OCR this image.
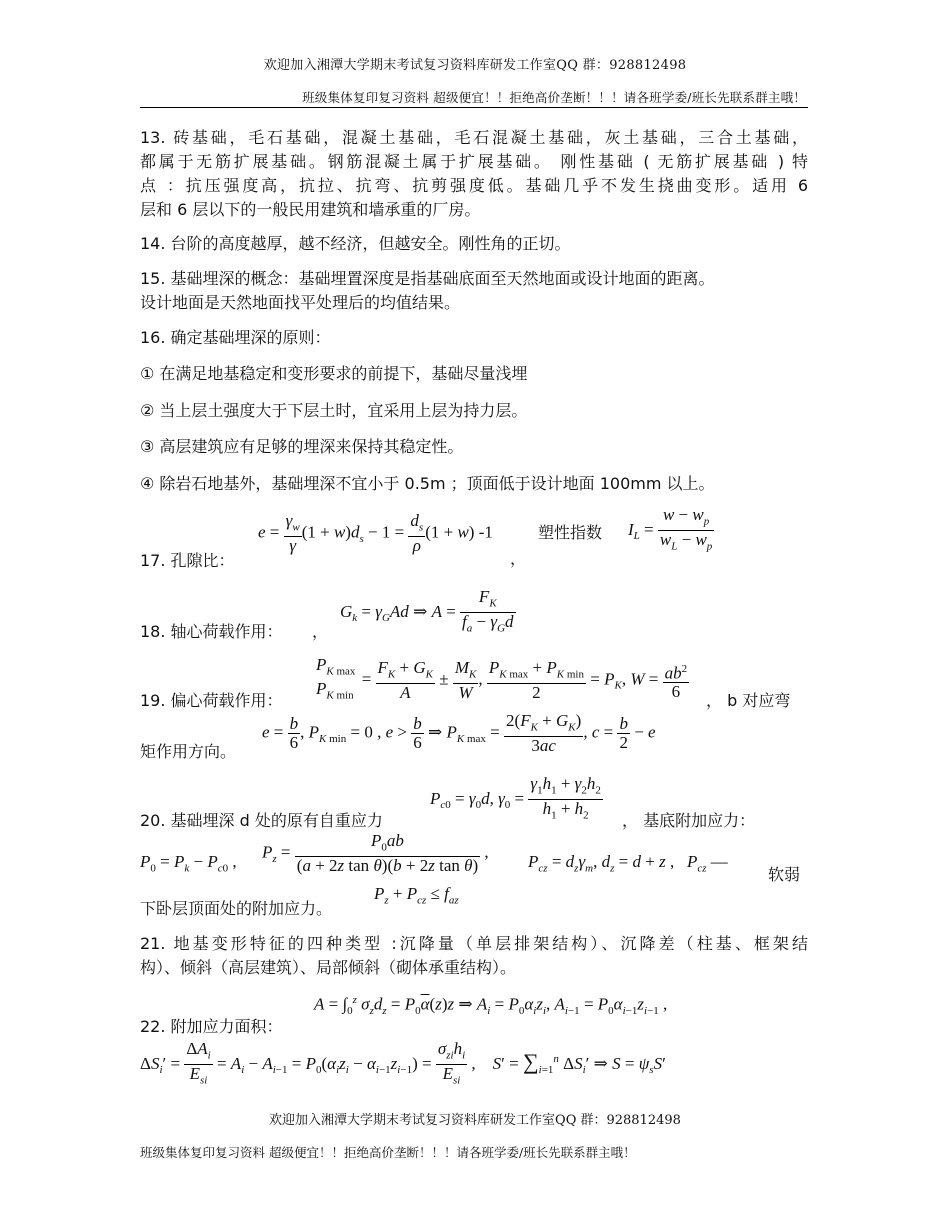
欢迎加入湘潭大学期末考试复习资料库研发工作室QQ 群：928812498
班级集体复印复习资料 超级便宜！！拒绝高价垄断！！！请各班学委/班长先联系群主哦！
13. 砖基础，毛石基础，混凝土基础，毛石混凝土基础，灰土基础，三合土基础，
都属于无筋扩展基础。钢筋混凝土属于扩展基础。 刚性基础 ( 无筋扩展基础 ) 特
点 ：抗压强度高，抗拉、抗弯、抗剪强度低。基础几乎不发生挠曲变形。适用 6
层和 6 层以下的一般民用建筑和墙承重的厂房。
14. 台阶的高度越厚，越不经济，但越安全。刚性角的正切。
15. 基础埋深的概念：基础埋置深度是指基础底面至天然地面或设计地面的距离。
设计地面是天然地面找平处理后的均值结果。
16. 确定基础埋深的原则：
① 在满足地基稳定和变形要求的前提下，基础尽量浅埋
② 当上层土强度大于下层土时，宜采用上层为持力层。
③ 高层建筑应有足够的埋深来保持其稳定性。
④ 除岩石地基外，基础埋深不宜小于 0.5m ；顶面低于设计地面 100mm 以上。
17. 孔隙比：
$e = \frac{\gamma_w}{\gamma} (1 + w)d_s - 1 = \frac{d_s}{\rho} (1 + w)$ -1
，
塑性指数 $I_L = \frac{w - w_p}{w_L - w_p}$
18. 轴心荷载作用： ，
$G_k = \gamma_GAd$ ⇒ $A = \frac{F_K}{f_a - \gamma_Gd}$
19. 偏心荷载作用：
$P_{K max}$
$P_{K min}$
= $\frac{F_K + G_K}{A} \pm \frac{M_K}{W}$ , $\frac{P_{K max} + P_{K min}}{2} = P_K$, $W = \frac{ab^2}{6}$ ， b 对应弯
$e = \frac{b}{6}$ , $P_{K min} = 0$ , $e > \frac{b}{6}$ ⇒ $P_{K max} = \frac{2(F_K + G_K)}{3ac}$ , $c = \frac{b}{2} - e$
矩作用方向。
$P_{c0} = \gamma_0d$, $\gamma_0 = \frac{\gamma_1h_1 + \gamma_2h_2}{h_1 + h_2}$
20. 基础埋深 d 处的原有自重应力	， 基底附加应力：
$P_0 = P_k - P_{c0}$ , $P_z = \frac{P_0ab}{\text{(a + 2z tan θ)(b + 2z tan θ)}}$ , $P_{cz} = d_z\gamma_m$, $d_z = d + z$ ,   $P_{cz}$ —
软弱
下卧层顶面处的附加应力。
$P_z + P_{cz} \le f_{az}$
21. 地基变形特征的四种类型 :沉降量（单层排架结构）、沉降差（柱基、框架结
构）、倾斜（高层建筑）、局部倾斜（砌体承重结构）。
22. 附加应力面积：
$A = \int_0^z$ $\sigma_zd_z = P_0\overline{\alpha}(z)z$ ⇒ $A_i = P_0\alpha_iz_i$, $A_{i-1} = P_0\alpha_{i-1}z_{i-1}$ ,
$\Delta S_i' = \frac{\Delta A_i}{E_{si}} = A_i - A_{i-1} = P_0(\alpha_iz_i - \alpha_{i-1}z_{i-1}) = \frac{\sigma_{zi}h_i}{E_{si}}$ ,    $S' = \sum_{i=1}^n$ $\Delta S_i'$ ⇒ $S = \psi_sS'$
欢迎加入湘潭大学期末考试复习资料库研发工作室QQ 群：928812498
班级集体复印复习资料 超级便宜！！拒绝高价垄断！！！请各班学委/班长先联系群主哦！
